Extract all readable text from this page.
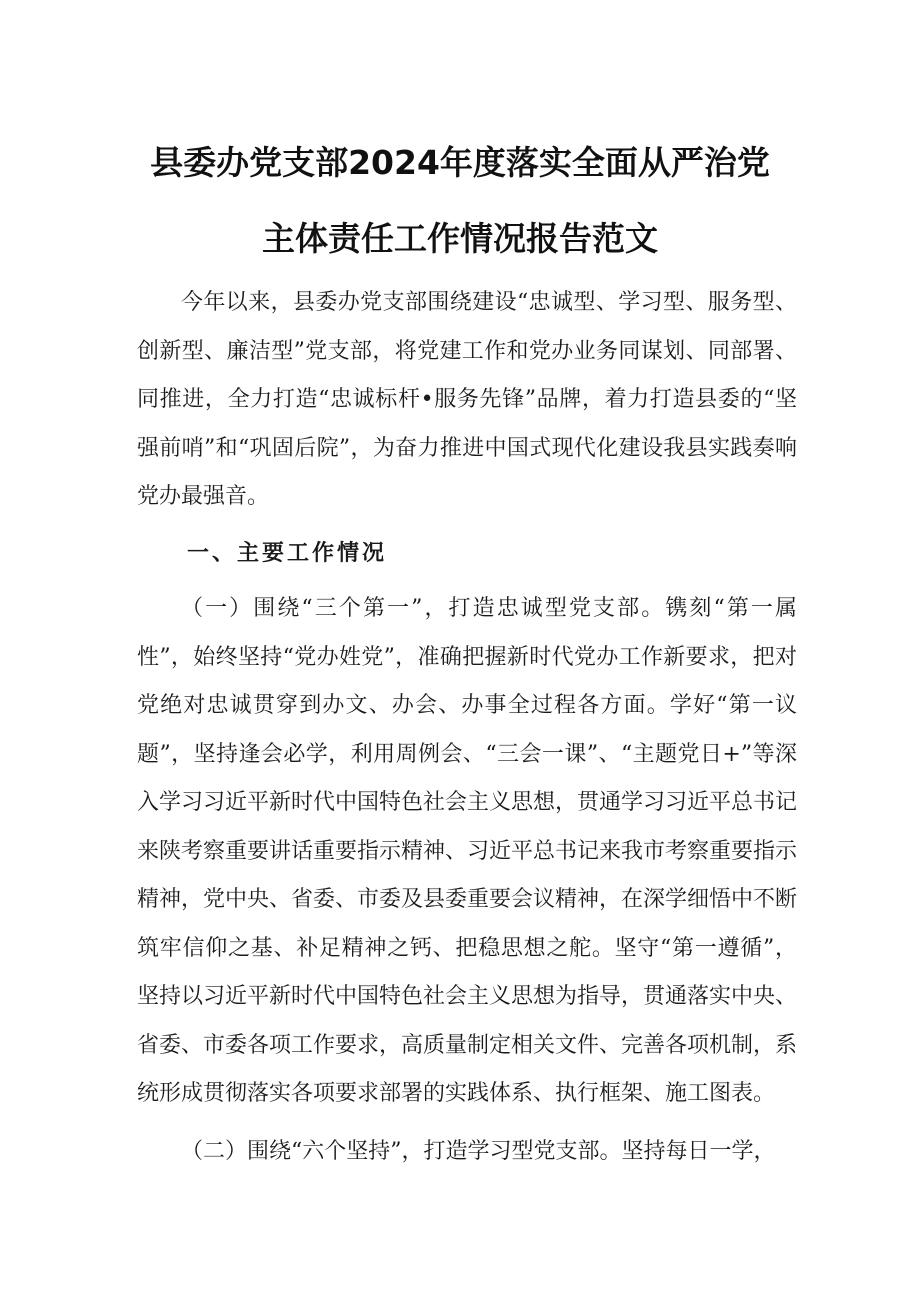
县委办党支部2024年度落实全面从严治党
主体责任工作情况报告范文

今年以来，县委办党支部围绕建设“忠诚型、学习型、服务型、创新型、廉洁型”党支部，将党建工作和党办业务同谋划、同部署、同推进，全力打造“忠诚标杆•服务先锋”品牌，着力打造县委的“坚强前哨”和“巩固后院”，为奋力推进中国式现代化建设我县实践奏响党办最强音。

一、主要工作情况

（一）围绕“三个第一”，打造忠诚型党支部。镌刻“第一属性”，始终坚持“党办姓党”，准确把握新时代党办工作新要求，把对党绝对忠诚贯穿到办文、办会、办事全过程各方面。学好“第一议题”，坚持逢会必学，利用周例会、“三会一课”、“主题党日+”等深入学习习近平新时代中国特色社会主义思想，贯通学习习近平总书记来陕考察重要讲话重要指示精神、习近平总书记来我市考察重要指示精神，党中央、省委、市委及县委重要会议精神，在深学细悟中不断筑牢信仰之基、补足精神之钙、把稳思想之舵。坚守“第一遵循”，坚持以习近平新时代中国特色社会主义思想为指导，贯通落实中央、省委、市委各项工作要求，高质量制定相关文件、完善各项机制，系统形成贯彻落实各项要求部署的实践体系、执行框架、施工图表。

（二）围绕“六个坚持”，打造学习型党支部。坚持每日一学，
